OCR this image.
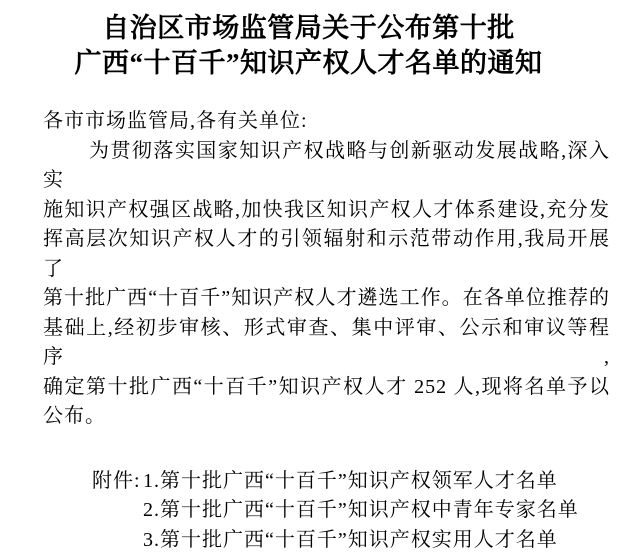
自治区市场监管局关于公布第十批
广西“十百千”知识产权人才名单的通知
各市市场监管局,各有关单位:
为贯彻落实国家知识产权战略与创新驱动发展战略,深入实
施知识产权强区战略,加快我区知识产权人才体系建设,充分发
挥高层次知识产权人才的引领辐射和示范带动作用,我局开展了
第十批广西“十百千”知识产权人才遴选工作。在各单位推荐的
基础上,经初步审核、形式审查、集中评审、公示和审议等程序,
确定第十批广西“十百千”知识产权人才 252 人,现将名单予以
公布。
附件: 1.第十批广西“十百千”知识产权领军人才名单
2.第十批广西“十百千”知识产权中青年专家名单
3.第十批广西“十百千”知识产权实用人才名单
